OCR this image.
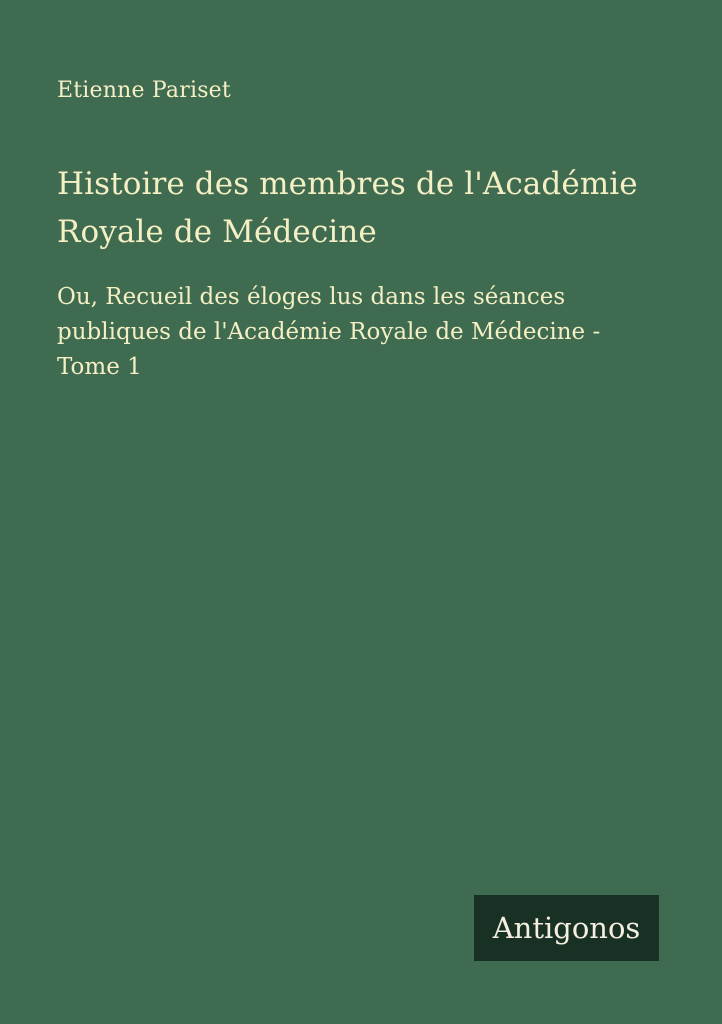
Etienne Pariset
Histoire des membres de l'Académie
Royale de Médecine
Ou, Recueil des éloges lus dans les séances
publiques de l'Académie Royale de Médecine -
Tome 1
Antigonos
